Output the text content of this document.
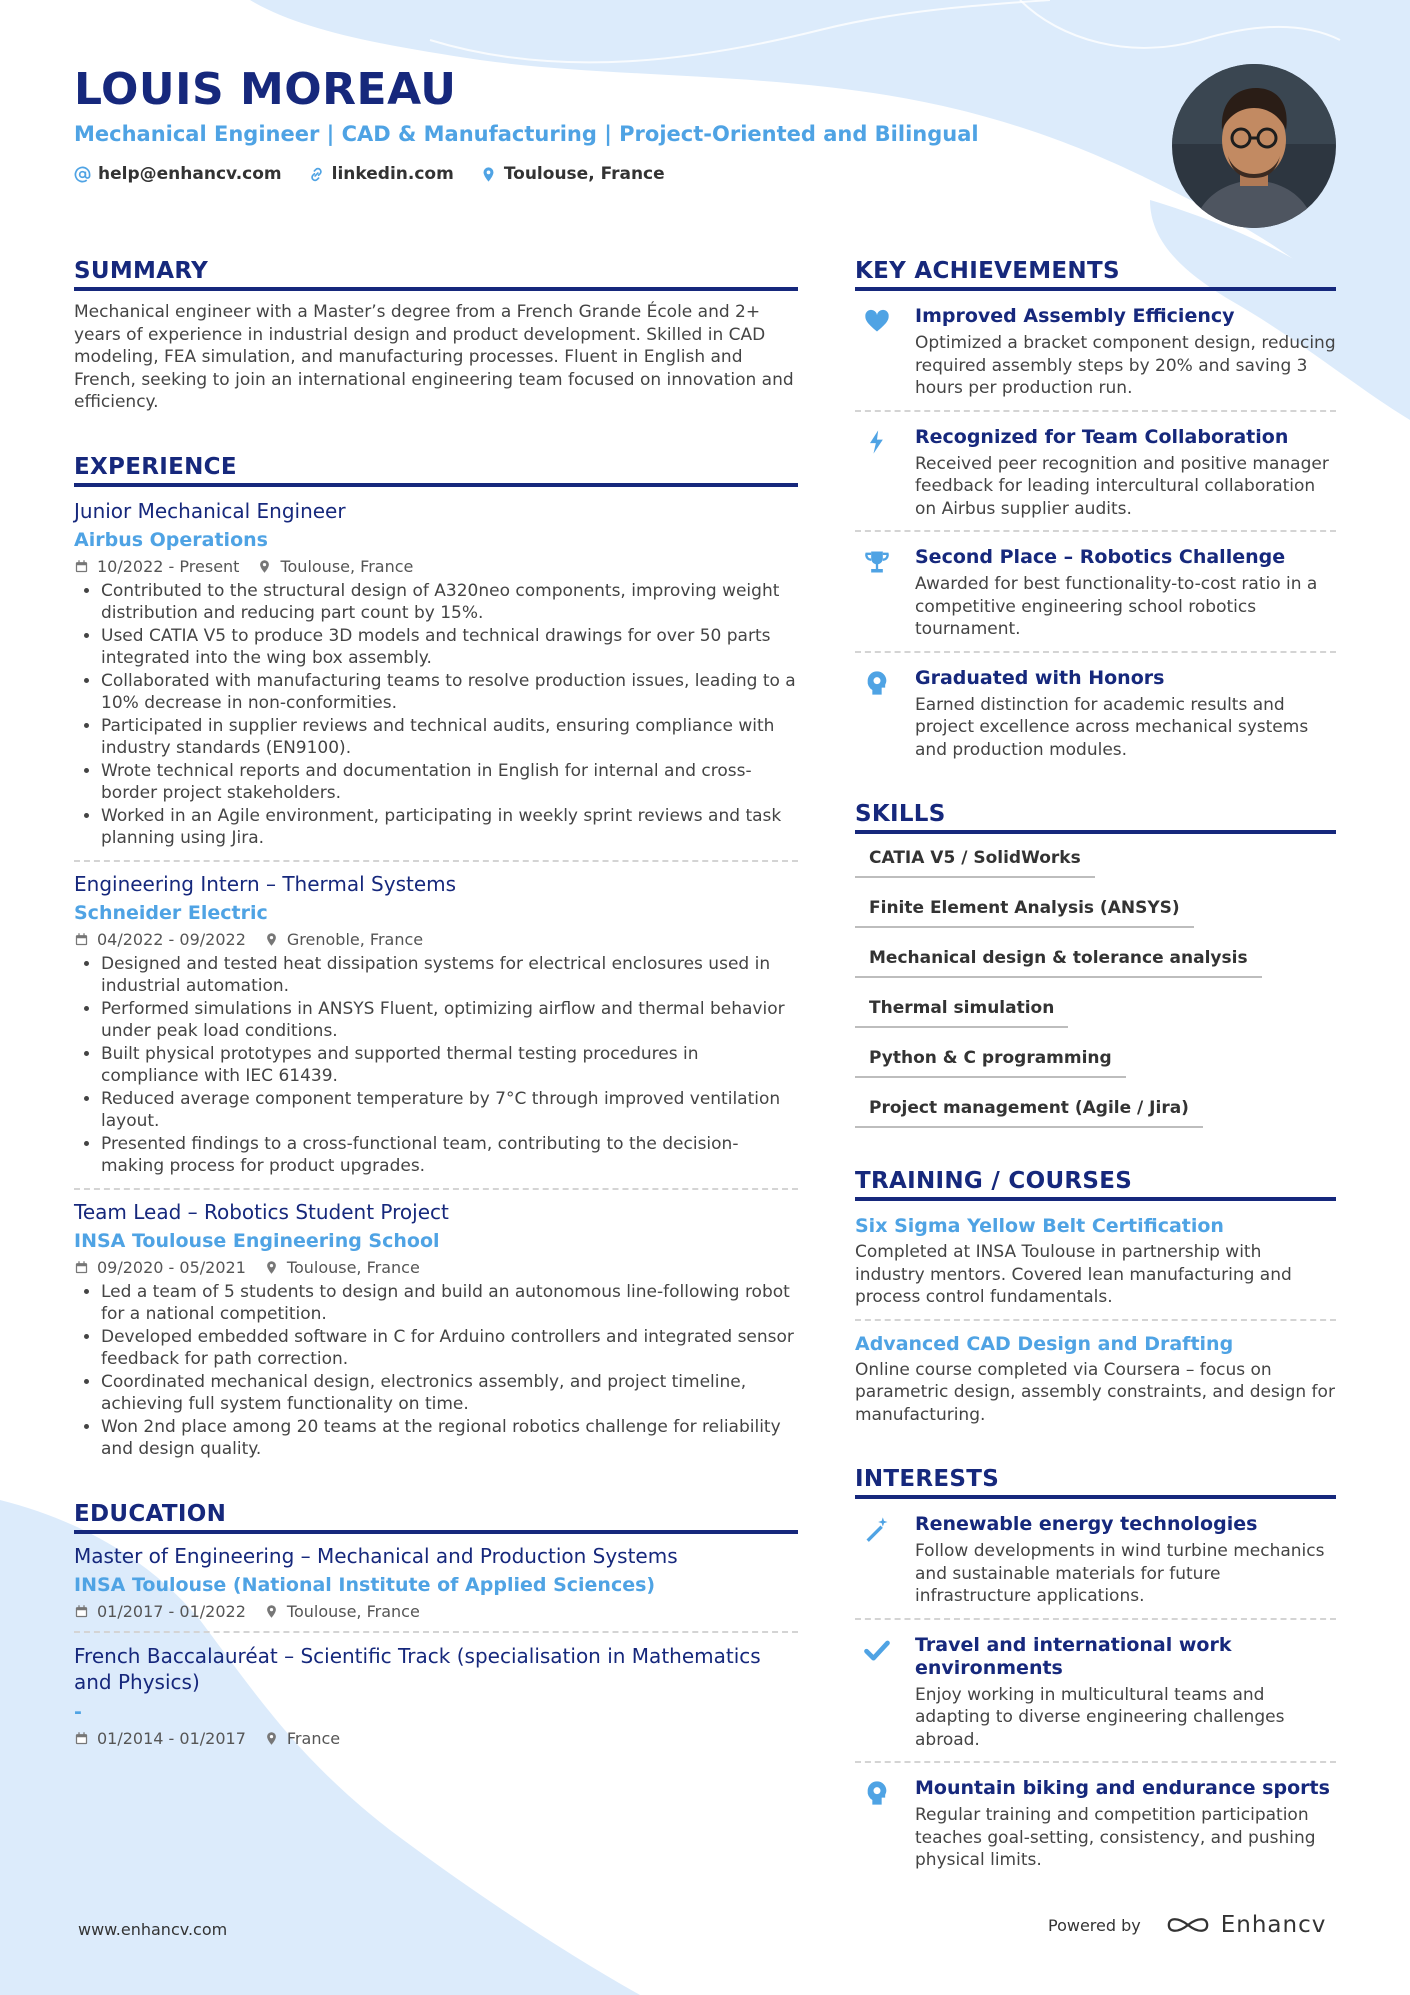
LOUIS MOREAU
Mechanical Engineer | CAD & Manufacturing | Project-Oriented and Bilingual
help@enhancv.com	linkedin.com	Toulouse, France
SUMMARY
Mechanical engineer with a Master’s degree from a French Grande École and 2+ years of experience in industrial design and product development. Skilled in CAD modeling, FEA simulation, and manufacturing processes. Fluent in English and French, seeking to join an international engineering team focused on innovation and efficiency.
EXPERIENCE
Junior Mechanical Engineer
Airbus Operations
10/2022 - Present	Toulouse, France
• Contributed to the structural design of A320neo components, improving weight distribution and reducing part count by 15%.
• Used CATIA V5 to produce 3D models and technical drawings for over 50 parts integrated into the wing box assembly.
• Collaborated with manufacturing teams to resolve production issues, leading to a 10% decrease in non-conformities.
• Participated in supplier reviews and technical audits, ensuring compliance with industry standards (EN9100).
• Wrote technical reports and documentation in English for internal and cross-border project stakeholders.
• Worked in an Agile environment, participating in weekly sprint reviews and task planning using Jira.
Engineering Intern – Thermal Systems
Schneider Electric
04/2022 - 09/2022	Grenoble, France
• Designed and tested heat dissipation systems for electrical enclosures used in industrial automation.
• Performed simulations in ANSYS Fluent, optimizing airflow and thermal behavior under peak load conditions.
• Built physical prototypes and supported thermal testing procedures in compliance with IEC 61439.
• Reduced average component temperature by 7°C through improved ventilation layout.
• Presented findings to a cross-functional team, contributing to the decision-making process for product upgrades.
Team Lead – Robotics Student Project
INSA Toulouse Engineering School
09/2020 - 05/2021	Toulouse, France
• Led a team of 5 students to design and build an autonomous line-following robot for a national competition.
• Developed embedded software in C for Arduino controllers and integrated sensor feedback for path correction.
• Coordinated mechanical design, electronics assembly, and project timeline, achieving full system functionality on time.
• Won 2nd place among 20 teams at the regional robotics challenge for reliability and design quality.
EDUCATION
Master of Engineering – Mechanical and Production Systems
INSA Toulouse (National Institute of Applied Sciences)
01/2017 - 01/2022	Toulouse, France
French Baccalauréat – Scientific Track (specialisation in Mathematics and Physics)
-
01/2014 - 01/2017	France
KEY ACHIEVEMENTS
Improved Assembly Efficiency
Optimized a bracket component design, reducing required assembly steps by 20% and saving 3 hours per production run.
Recognized for Team Collaboration
Received peer recognition and positive manager feedback for leading intercultural collaboration on Airbus supplier audits.
Second Place – Robotics Challenge
Awarded for best functionality-to-cost ratio in a competitive engineering school robotics tournament.
Graduated with Honors
Earned distinction for academic results and project excellence across mechanical systems and production modules.
SKILLS
CATIA V5 / SolidWorks
Finite Element Analysis (ANSYS)
Mechanical design & tolerance analysis
Thermal simulation
Python & C programming
Project management (Agile / Jira)
TRAINING / COURSES
Six Sigma Yellow Belt Certification
Completed at INSA Toulouse in partnership with industry mentors. Covered lean manufacturing and process control fundamentals.
Advanced CAD Design and Drafting
Online course completed via Coursera – focus on parametric design, assembly constraints, and design for manufacturing.
INTERESTS
Renewable energy technologies
Follow developments in wind turbine mechanics and sustainable materials for future infrastructure applications.
Travel and international work environments
Enjoy working in multicultural teams and adapting to diverse engineering challenges abroad.
Mountain biking and endurance sports
Regular training and competition participation teaches goal-setting, consistency, and pushing physical limits.
www.enhancv.com	Powered by	Enhancv
